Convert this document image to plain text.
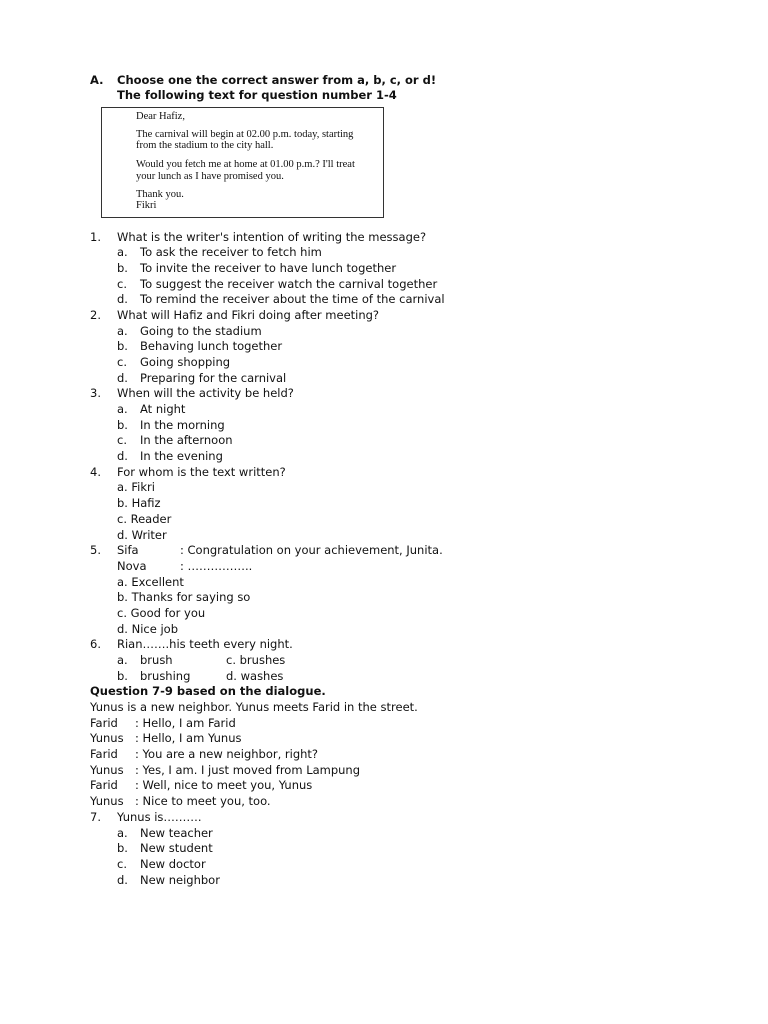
A. Choose one the correct answer from a, b, c, or d!
The following text for question number 1-4
Dear Hafiz,
The carnival will begin at 02.00 p.m. today, starting
from the stadium to the city hall.
Would you fetch me at home at 01.00 p.m.? I'll treat
your lunch as I have promised you.
Thank you.
Fikri
1. What is the writer's intention of writing the message?
a. To ask the receiver to fetch him
b. To invite the receiver to have lunch together
c. To suggest the receiver watch the carnival together
d. To remind the receiver about the time of the carnival
2. What will Hafiz and Fikri doing after meeting?
a. Going to the stadium
b. Behaving lunch together
c. Going shopping
d. Preparing for the carnival
3. When will the activity be held?
a. At night
b. In the morning
c. In the afternoon
d. In the evening
4. For whom is the text written?
a. Fikri
b. Hafiz
c. Reader
d. Writer
5. Sifa	: Congratulation on your achievement, Junita.
Nova	: ……………..
a. Excellent
b. Thanks for saying so
c. Good for you
d. Nice job
6. Rian…….his teeth every night.
a. brush	c. brushes
b. brushing	d. washes
Question 7-9 based on the dialogue.
Yunus is a new neighbor. Yunus meets Farid in the street.
Farid : Hello, I am Farid
Yunus : Hello, I am Yunus
Farid : You are a new neighbor, right?
Yunus : Yes, I am. I just moved from Lampung
Farid : Well, nice to meet you, Yunus
Yunus : Nice to meet you, too.
7. Yunus is……….
a. New teacher
b. New student
c. New doctor
d. New neighbor
